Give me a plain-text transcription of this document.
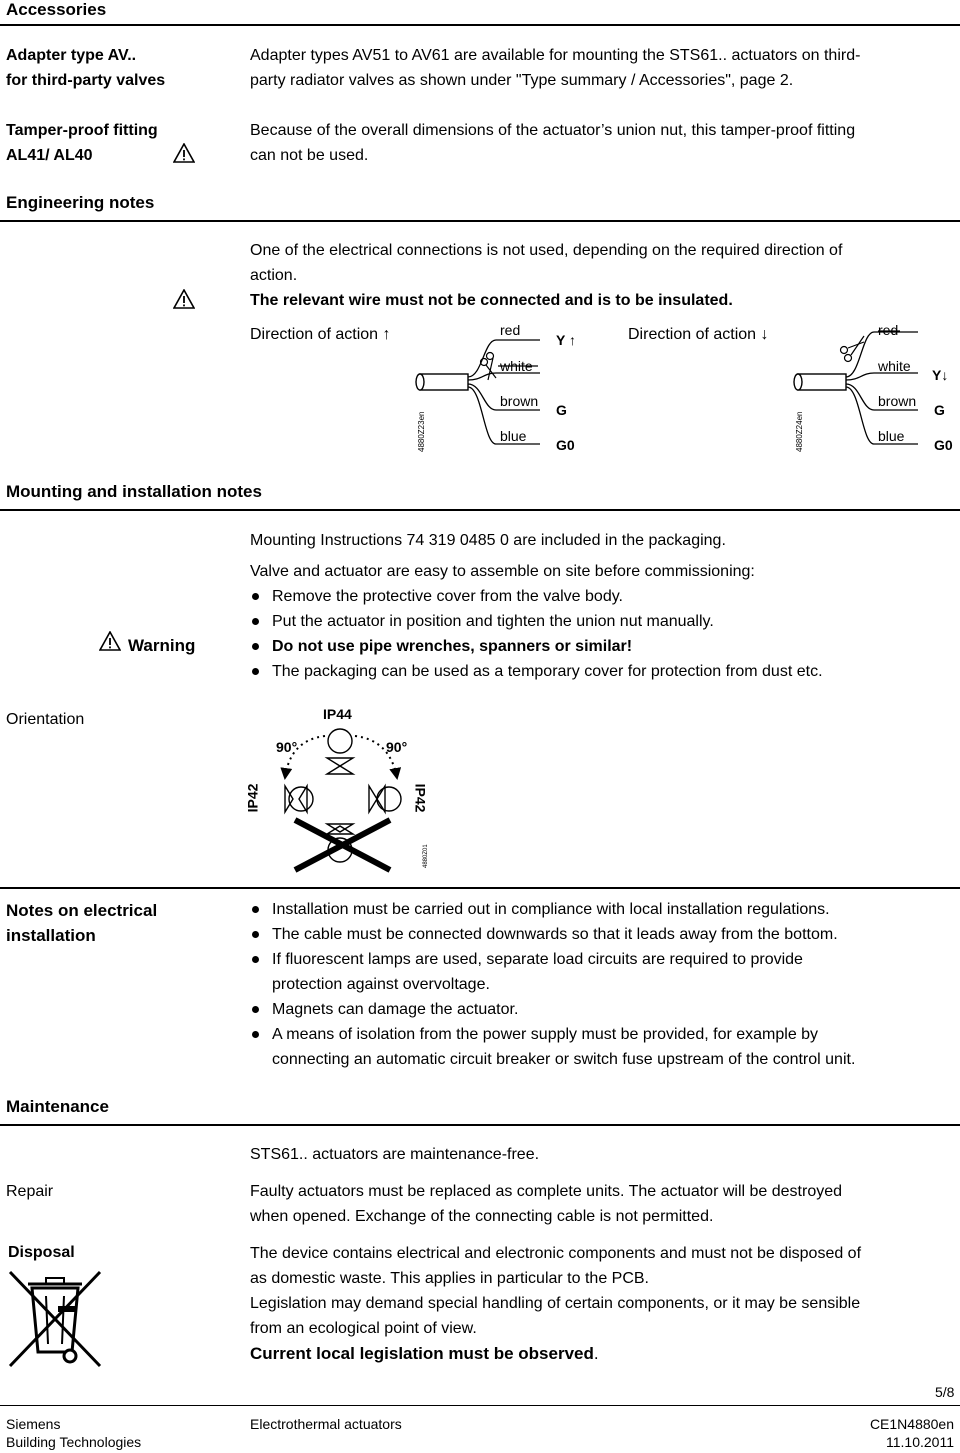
Accessories
Adapter type AV..
for third-party valves
Adapter types AV51 to AV61 are available for mounting the STS61.. actuators on third-
party radiator valves as shown under "Type summary / Accessories", page 2.
Tamper-proof fitting
AL41/ AL40
Because of the overall dimensions of the actuator’s union nut, this tamper-proof fitting
can not be used.
Engineering notes
One of the electrical connections is not used, depending on the required direction of
action.
The relevant wire must not be connected and is to be insulated.
Direction of action ↑
4880Z23en
red
white
brown
blue
Y ↑
G
G0
Direction of action ↓
4880Z24en
red
white
brown
blue
Y↓
G
G0
Mounting and installation notes
Warning
Mounting Instructions 74 319 0485 0 are included in the packaging.
Valve and actuator are easy to assemble on site before commissioning:
Remove the protective cover from the valve body.
Put the actuator in position and tighten the union nut manually.
Do not use pipe wrenches, spanners or similar!
The packaging can be used as a temporary cover for protection from dust etc.
Orientation
4880Z01
IP44
90°	90°
IP42	IP42
Notes on electrical
installation
Installation must be carried out in compliance with local installation regulations.
The cable must be connected downwards so that it leads away from the bottom.
If fluorescent lamps are used, separate load circuits are required to provide
protection against overvoltage.
Magnets can damage the actuator.
A means of isolation from the power supply must be provided, for example by
connecting an automatic circuit breaker or switch fuse upstream of the control unit.
Maintenance
STS61.. actuators are maintenance-free.
Repair	Faulty actuators must be replaced as complete units. The actuator will be destroyed
when opened. Exchange of the connecting cable is not permitted.
Disposal	The device contains electrical and electronic components and must not be disposed of
as domestic waste. This applies in particular to the PCB.
Legislation may demand special handling of certain components, or it may be sensible
from an ecological point of view.
Current local legislation must be observed.
5/8
Siemens
Building Technologies
Electrothermal actuators	CE1N4880en
11.10.2011
